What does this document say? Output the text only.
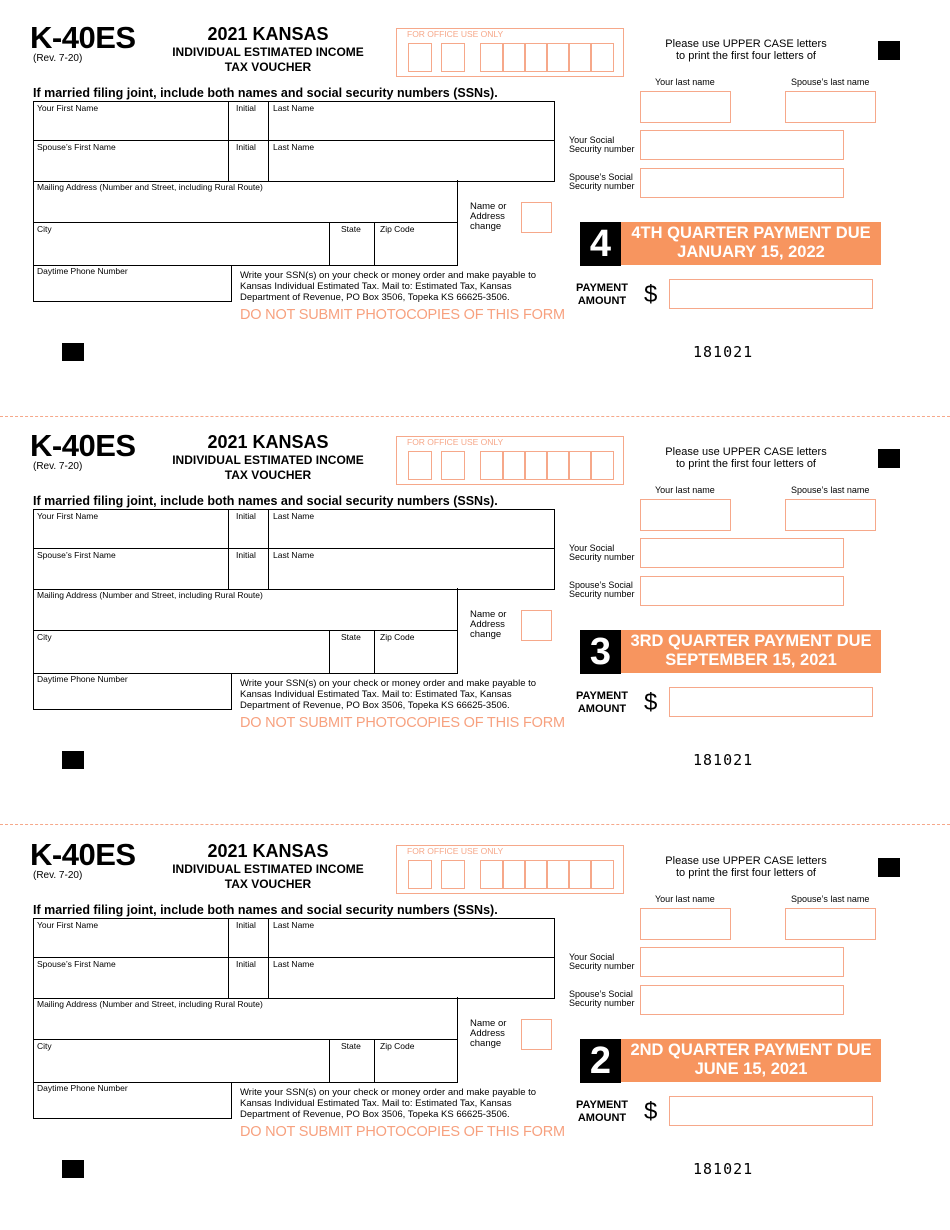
K-40ES
(Rev. 7-20)
2021 KANSAS
INDIVIDUAL ESTIMATED INCOME
TAX VOUCHER
FOR OFFICE USE ONLY
Please use UPPER CASE letters
to print the first four letters of
If married filing joint, include both names and social security numbers (SSNs).
Your First Name	Initial Last Name
Spouse’s First Name	Initial Last Name
Mailing Address (Number and Street, including Rural Route)
City	State Zip Code
Name or
Address
change
Daytime Phone Number	Write your SSN(s) on your check or money order and make payable to
Kansas Individual Estimated Tax. Mail to: Estimated Tax, Kansas
Department of Revenue, PO Box 3506, Topeka KS 66625-3506.
DO NOT SUBMIT PHOTOCOPIES OF THIS FORM
Your last name	Spouse’s last name
Your Social
Security number
Spouse’s Social
Security number
4	4TH QUARTER PAYMENT DUE
JANUARY 15, 2022
PAYMENT
AMOUNT $
181021
K-40ES
(Rev. 7-20)
2021 KANSAS
INDIVIDUAL ESTIMATED INCOME
TAX VOUCHER
FOR OFFICE USE ONLY
Please use UPPER CASE letters
to print the first four letters of
If married filing joint, include both names and social security numbers (SSNs).
Your First Name	Initial Last Name
Spouse’s First Name	Initial Last Name
Mailing Address (Number and Street, including Rural Route)
City	State Zip Code
Name or
Address
change
Daytime Phone Number	Write your SSN(s) on your check or money order and make payable to
Kansas Individual Estimated Tax. Mail to: Estimated Tax, Kansas
Department of Revenue, PO Box 3506, Topeka KS 66625-3506.
DO NOT SUBMIT PHOTOCOPIES OF THIS FORM
Your last name	Spouse’s last name
Your Social
Security number
Spouse’s Social
Security number
3	3RD QUARTER PAYMENT DUE
SEPTEMBER 15, 2021
PAYMENT
AMOUNT $
181021
K-40ES
(Rev. 7-20)
2021 KANSAS
INDIVIDUAL ESTIMATED INCOME
TAX VOUCHER
FOR OFFICE USE ONLY
Please use UPPER CASE letters
to print the first four letters of
If married filing joint, include both names and social security numbers (SSNs).
Your First Name	Initial Last Name
Spouse’s First Name	Initial Last Name
Mailing Address (Number and Street, including Rural Route)
City	State Zip Code
Name or
Address
change
Daytime Phone Number	Write your SSN(s) on your check or money order and make payable to
Kansas Individual Estimated Tax. Mail to: Estimated Tax, Kansas
Department of Revenue, PO Box 3506, Topeka KS 66625-3506.
DO NOT SUBMIT PHOTOCOPIES OF THIS FORM
Your last name	Spouse’s last name
Your Social
Security number
Spouse’s Social
Security number
2	2ND QUARTER PAYMENT DUE
JUNE 15, 2021
PAYMENT
AMOUNT $
181021
